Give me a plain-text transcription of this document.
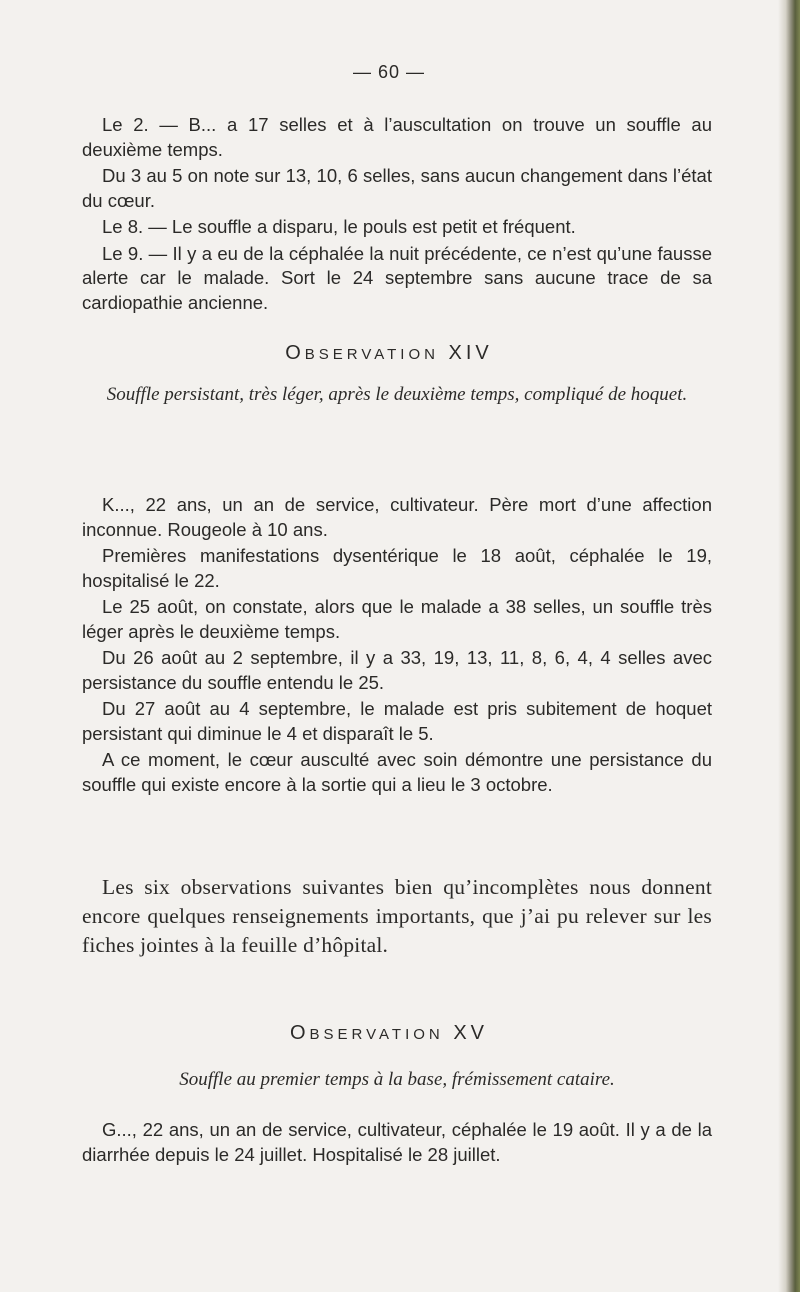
— 60 —

Le 2. — B... a 17 selles et à l’auscultation on trouve un souffle au deuxième temps.

Du 3 au 5 on note sur 13, 10, 6 selles, sans aucun changement dans l’état du cœur.

Le 8. — Le souffle a disparu, le pouls est petit et fréquent.

Le 9. — Il y a eu de la céphalée la nuit précédente, ce n’est qu’une fausse alerte car le malade. Sort le 24 septembre sans aucune trace de sa cardiopathie ancienne.

OBSERVATION XIV
Souffle persistant, très léger, après le deuxième temps, compliqué de hoquet.

K..., 22 ans, un an de service, cultivateur. Père mort d’une affection inconnue. Rougeole à 10 ans.

Premières manifestations dysentérique le 18 août, céphalée le 19, hospitalisé le 22.

Le 25 août, on constate, alors que le malade a 38 selles, un souffle très léger après le deuxième temps.

Du 26 août au 2 septembre, il y a 33, 19, 13, 11, 8, 6, 4, 4 selles avec persistance du souffle entendu le 25.

Du 27 août au 4 septembre, le malade est pris subitement de hoquet persistant qui diminue le 4 et disparaît le 5.

A ce moment, le cœur ausculté avec soin démontre une persistance du souffle qui existe encore à la sortie qui a lieu le 3 octobre.

Les six observations suivantes bien qu’incomplètes nous donnent encore quelques renseignements importants, que j’ai pu relever sur les fiches jointes à la feuille d’hôpital.
OBSERVATION XV
Souffle au premier temps à la base, frémissement cataire.

G..., 22 ans, un an de service, cultivateur, céphalée le 19 août. Il y a de la diarrhée depuis le 24 juillet. Hospitalisé le 28 juillet.
